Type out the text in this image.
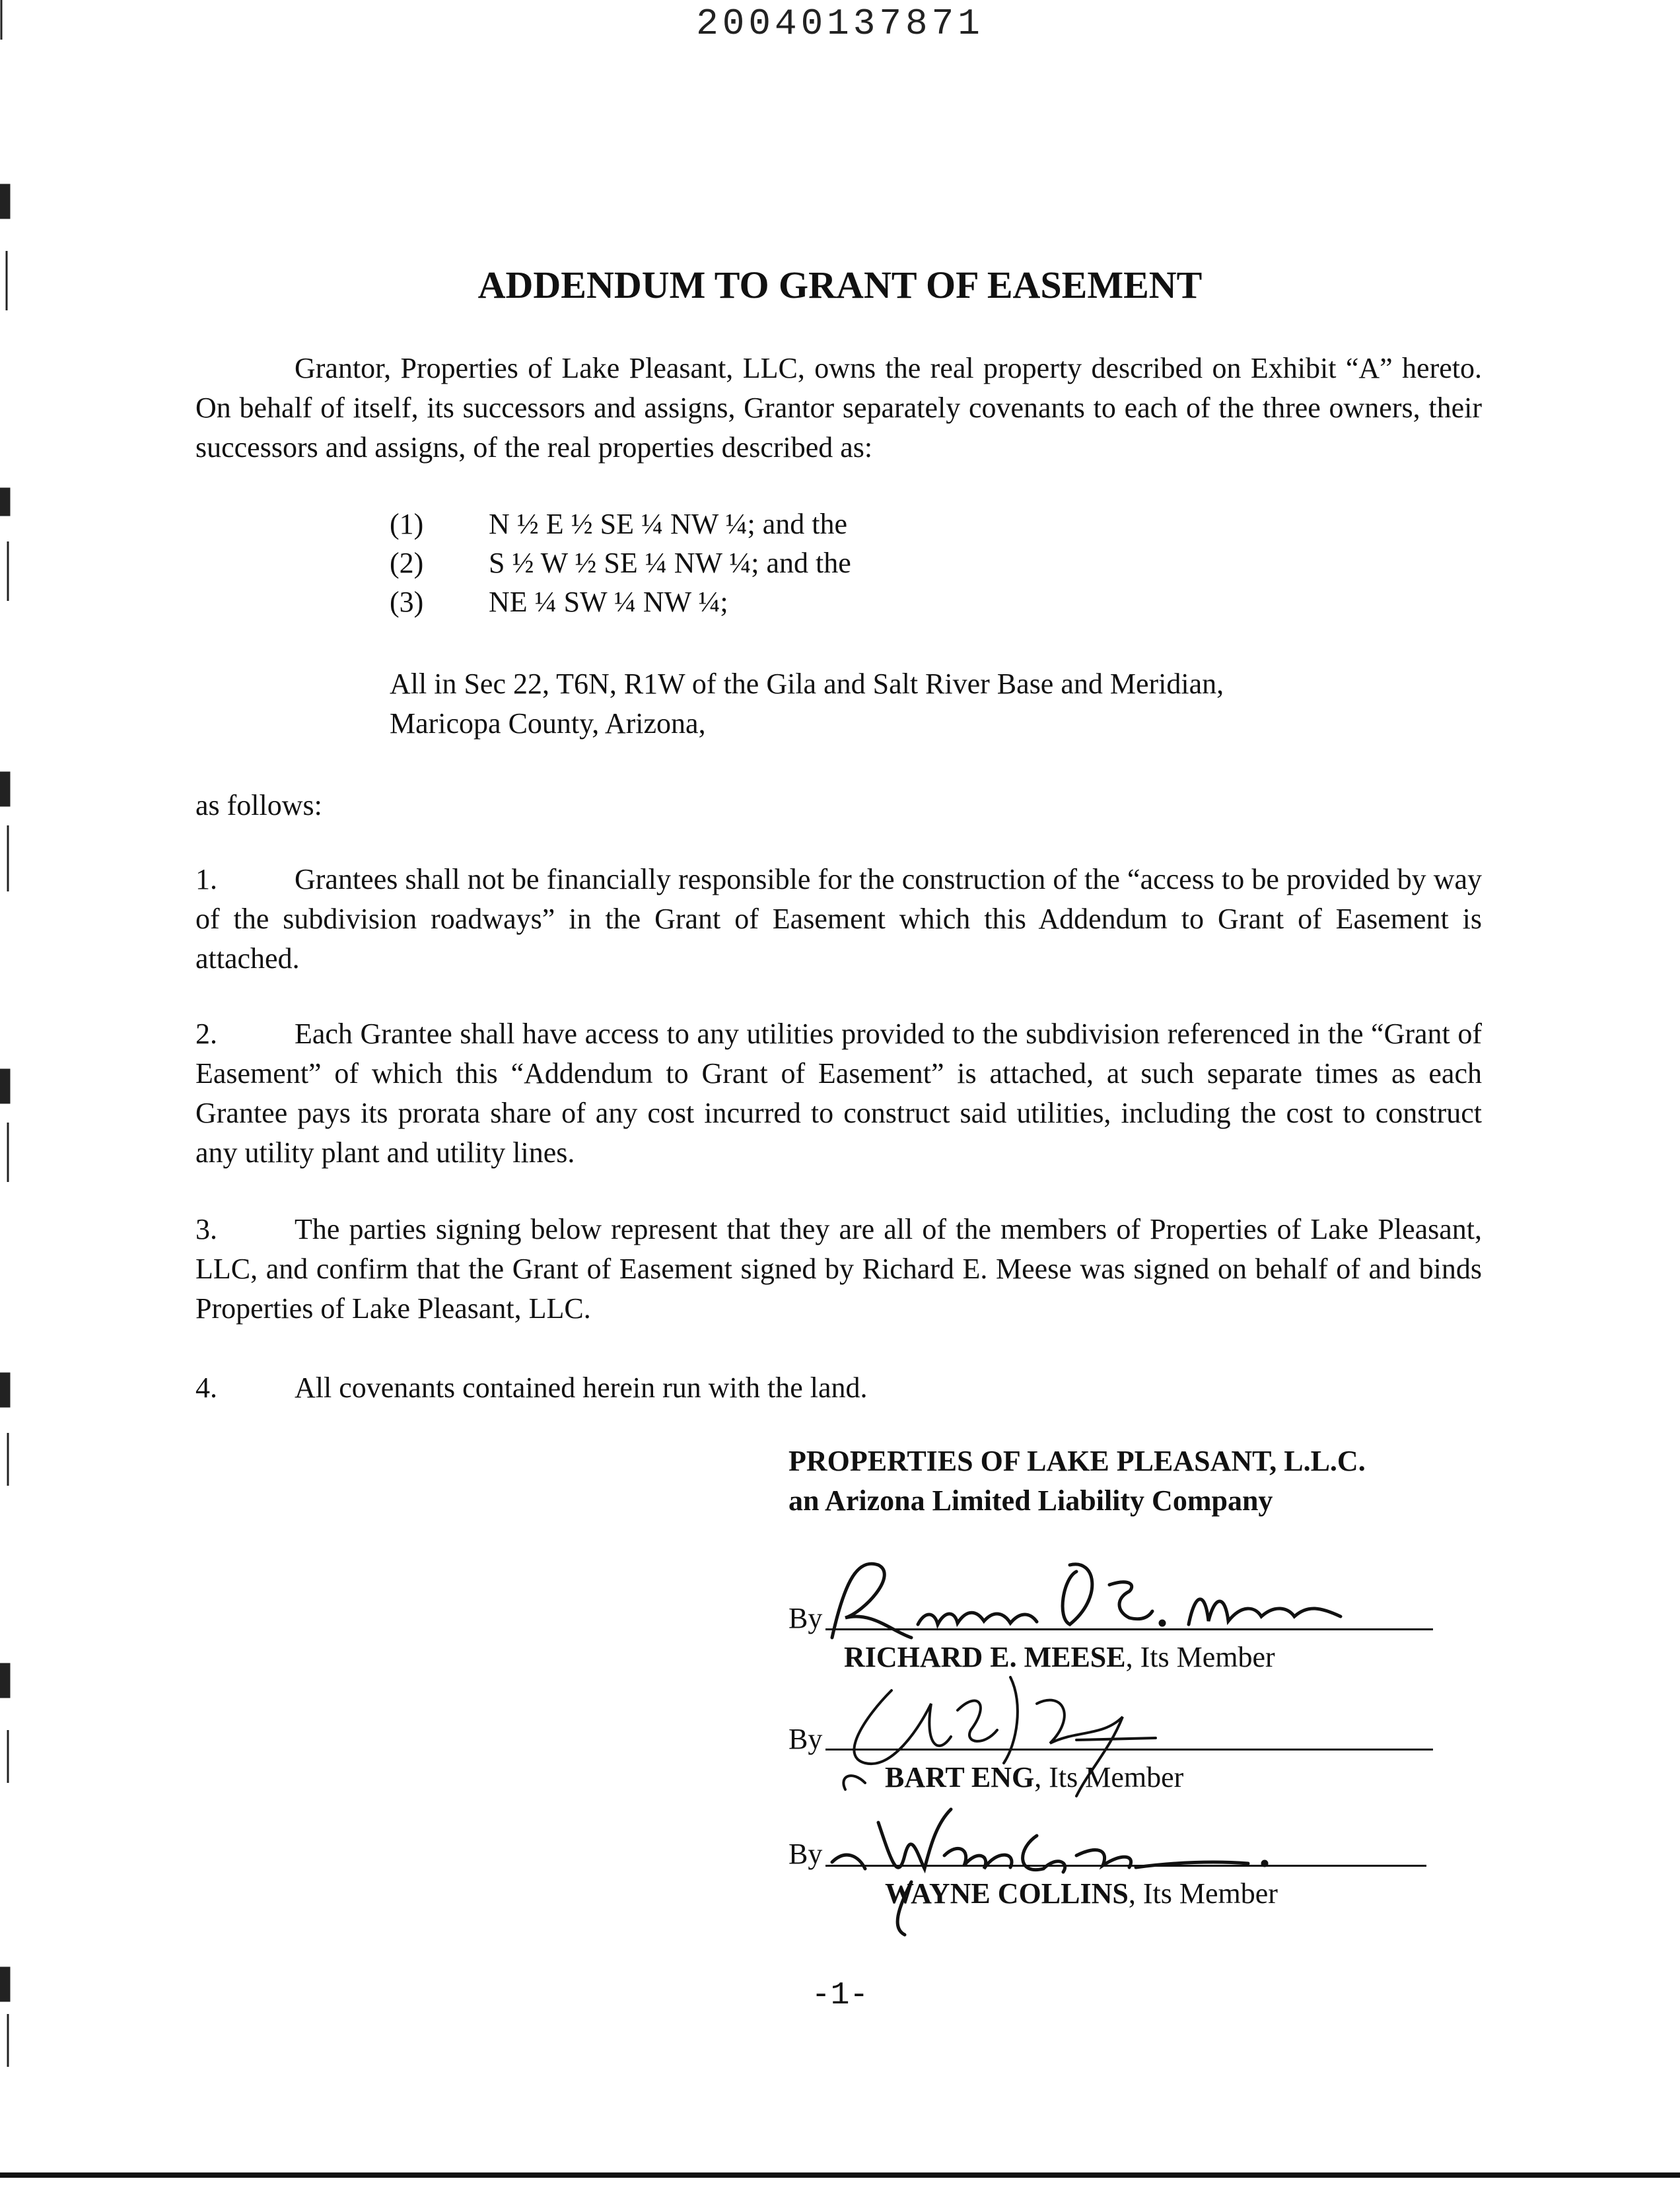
20040137871
ADDENDUM TO GRANT OF EASEMENT

Grantor, Properties of Lake Pleasant, LLC, owns the real property described on Exhibit “A” hereto. On behalf of itself, its successors and assigns, Grantor separately covenants to each of the three owners, their successors and assigns, of the real properties described as:

(1)	N ½ E ½ SE ¼ NW ¼; and the
(2)	S ½ W ½ SE ¼ NW ¼; and the
(3)	NE ¼ SW ¼ NW ¼;

All in Sec 22, T6N, R1W of the Gila and Salt River Base and Meridian,
Maricopa County, Arizona,

as follows:

1.	Grantees shall not be financially responsible for the construction of the “access to be provided by way of the subdivision roadways” in the Grant of Easement which this Addendum to Grant of Easement is attached.

2.	Each Grantee shall have access to any utilities provided to the subdivision referenced in the “Grant of Easement” of which this “Addendum to Grant of Easement” is attached, at such separate times as each Grantee pays its prorata share of any cost incurred to construct said utilities, including the cost to construct any utility plant and utility lines.

3.	The parties signing below represent that they are all of the members of Properties of Lake Pleasant, LLC, and confirm that the Grant of Easement signed by Richard E. Meese was signed on behalf of and binds Properties of Lake Pleasant, LLC.

4.	All covenants contained herein run with the land.

PROPERTIES OF LAKE PLEASANT, L.L.C.
an Arizona Limited Liability Company
By
RICHARD E. MEESE, Its Member
By
BART ENG, Its Member
By
WAYNE COLLINS, Its Member
-1-
